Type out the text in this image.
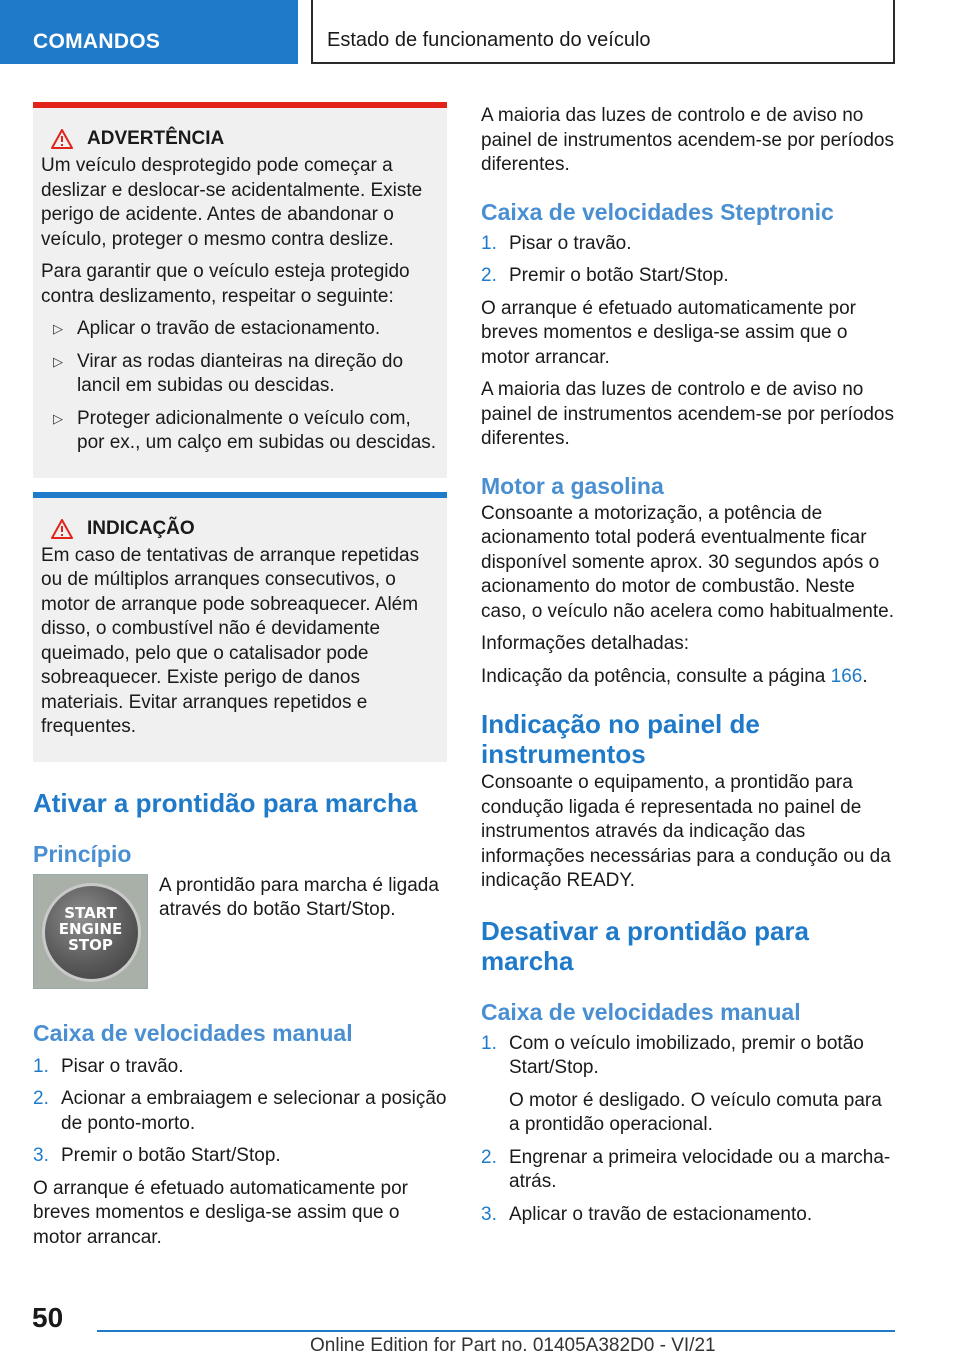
COMANDOS	Estado de funcionamento do veículo
ADVERTÊNCIA

Um veículo desprotegido pode começar a deslizar e deslocar-se acidentalmente. Existe perigo de acidente. Antes de abandonar o veículo, proteger o mesmo contra deslize.

Para garantir que o veículo esteja protegido contra deslizamento, respeitar o seguinte:

▷ Aplicar o travão de estacionamento.
▷ Virar as rodas dianteiras na direção do lancil em subidas ou descidas.
▷ Proteger adicionalmente o veículo com, por ex., um calço em subidas ou descidas.
INDICAÇÃO

Em caso de tentativas de arranque repetidas ou de múltiplos arranques consecutivos, o motor de arranque pode sobreaquecer. Além disso, o combustível não é devidamente queimado, pelo que o catalisador pode sobreaquecer. Existe perigo de danos materiais. Evitar arranques repetidos e frequentes.

Ativar a prontidão para marcha
Princípio
START
ENGINE
STOP

A prontidão para marcha é ligada através do botão Start/Stop.

Caixa de velocidades manual
1. Pisar o travão.
2. Acionar a embraiagem e selecionar a posição de ponto-morto.
3. Premir o botão Start/Stop.

O arranque é efetuado automaticamente por breves momentos e desliga-se assim que o motor arrancar.

A maioria das luzes de controlo e de aviso no painel de instrumentos acendem-se por períodos diferentes.

Caixa de velocidades Steptronic
1. Pisar o travão.
2. Premir o botão Start/Stop.

O arranque é efetuado automaticamente por breves momentos e desliga-se assim que o motor arrancar.

A maioria das luzes de controlo e de aviso no painel de instrumentos acendem-se por períodos diferentes.

Motor a gasolina

Consoante a motorização, a potência de acionamento total poderá eventualmente ficar disponível somente aprox. 30 segundos após o acionamento do motor de combustão. Neste caso, o veículo não acelera como habitualmente.

Informações detalhadas:

Indicação da potência, consulte a página 166.

Indicação no painel de instrumentos

Consoante o equipamento, a prontidão para condução ligada é representada no painel de instrumentos através da indicação das informações necessárias para a condução ou da indicação READY.

Desativar a prontidão para marcha
Caixa de velocidades manual
1. Com o veículo imobilizado, premir o botão Start/Stop.
O motor é desligado. O veículo comuta para a prontidão operacional.
2. Engrenar a primeira velocidade ou a marcha-atrás.
3. Aplicar o travão de estacionamento.
50
Online Edition for Part no. 01405A382D0 - VI/21
